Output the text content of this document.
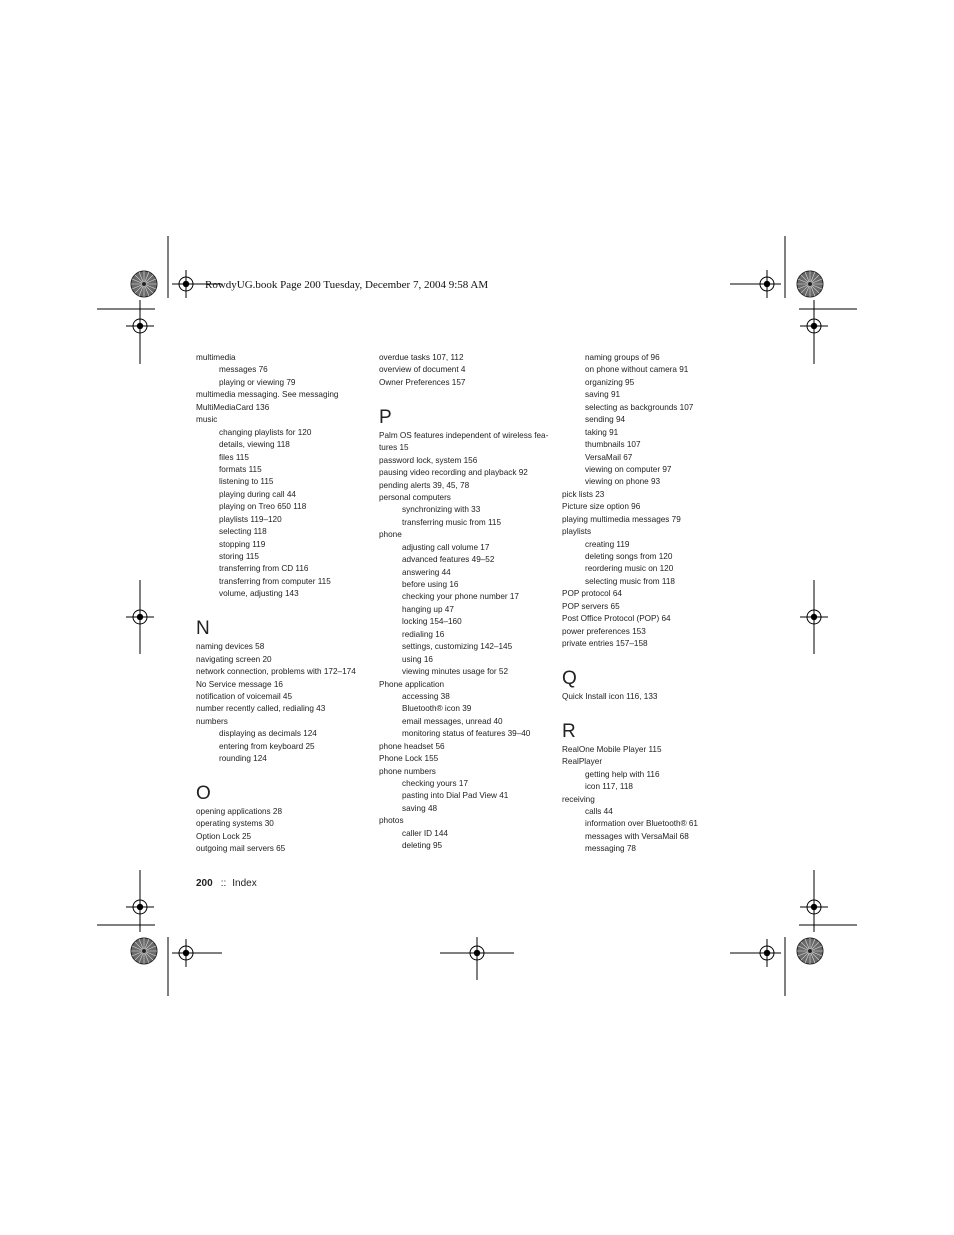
RowdyUG.book Page 200 Tuesday, December 7, 2004 9:58 AM
multimedia
messages 76
playing or viewing 79
multimedia messaging. See messaging
MultiMediaCard 136
music
changing playlists for 120
details, viewing 118
files 115
formats 115
listening to 115
playing during call 44
playing on Treo 650 118
playlists 119–120
selecting 118
stopping 119
storing 115
transferring from CD 116
transferring from computer 115
volume, adjusting 143
N
naming devices 58
navigating screen 20
network connection, problems with 172–174
No Service message 16
notification of voicemail 45
number recently called, redialing 43
numbers
displaying as decimals 124
entering from keyboard 25
rounding 124
O
opening applications 28
operating systems 30
Option Lock 25
outgoing mail servers 65
overdue tasks 107, 112
overview of document 4
Owner Preferences 157
P
Palm OS features independent of wireless fea-
tures 15
password lock, system 156
pausing video recording and playback 92
pending alerts 39, 45, 78
personal computers
synchronizing with 33
transferring music from 115
phone
adjusting call volume 17
advanced features 49–52
answering 44
before using 16
checking your phone number 17
hanging up 47
locking 154–160
redialing 16
settings, customizing 142–145
using 16
viewing minutes usage for 52
Phone application
accessing 38
Bluetooth® icon 39
email messages, unread 40
monitoring status of features 39–40
phone headset 56
Phone Lock 155
phone numbers
checking yours 17
pasting into Dial Pad View 41
saving 48
photos
caller ID 144
deleting 95
naming groups of 96
on phone without camera 91
organizing 95
saving 91
selecting as backgrounds 107
sending 94
taking 91
thumbnails 107
VersaMail 67
viewing on computer 97
viewing on phone 93
pick lists 23
Picture size option 96
playing multimedia messages 79
playlists
creating 119
deleting songs from 120
reordering music on 120
selecting music from 118
POP protocol 64
POP servers 65
Post Office Protocol (POP) 64
power preferences 153
private entries 157–158
Q
Quick Install icon 116, 133
R
RealOne Mobile Player 115
RealPlayer
getting help with 116
icon 117, 118
receiving
calls 44
information over Bluetooth® 61
messages with VersaMail 68
messaging 78
200 :: Index
